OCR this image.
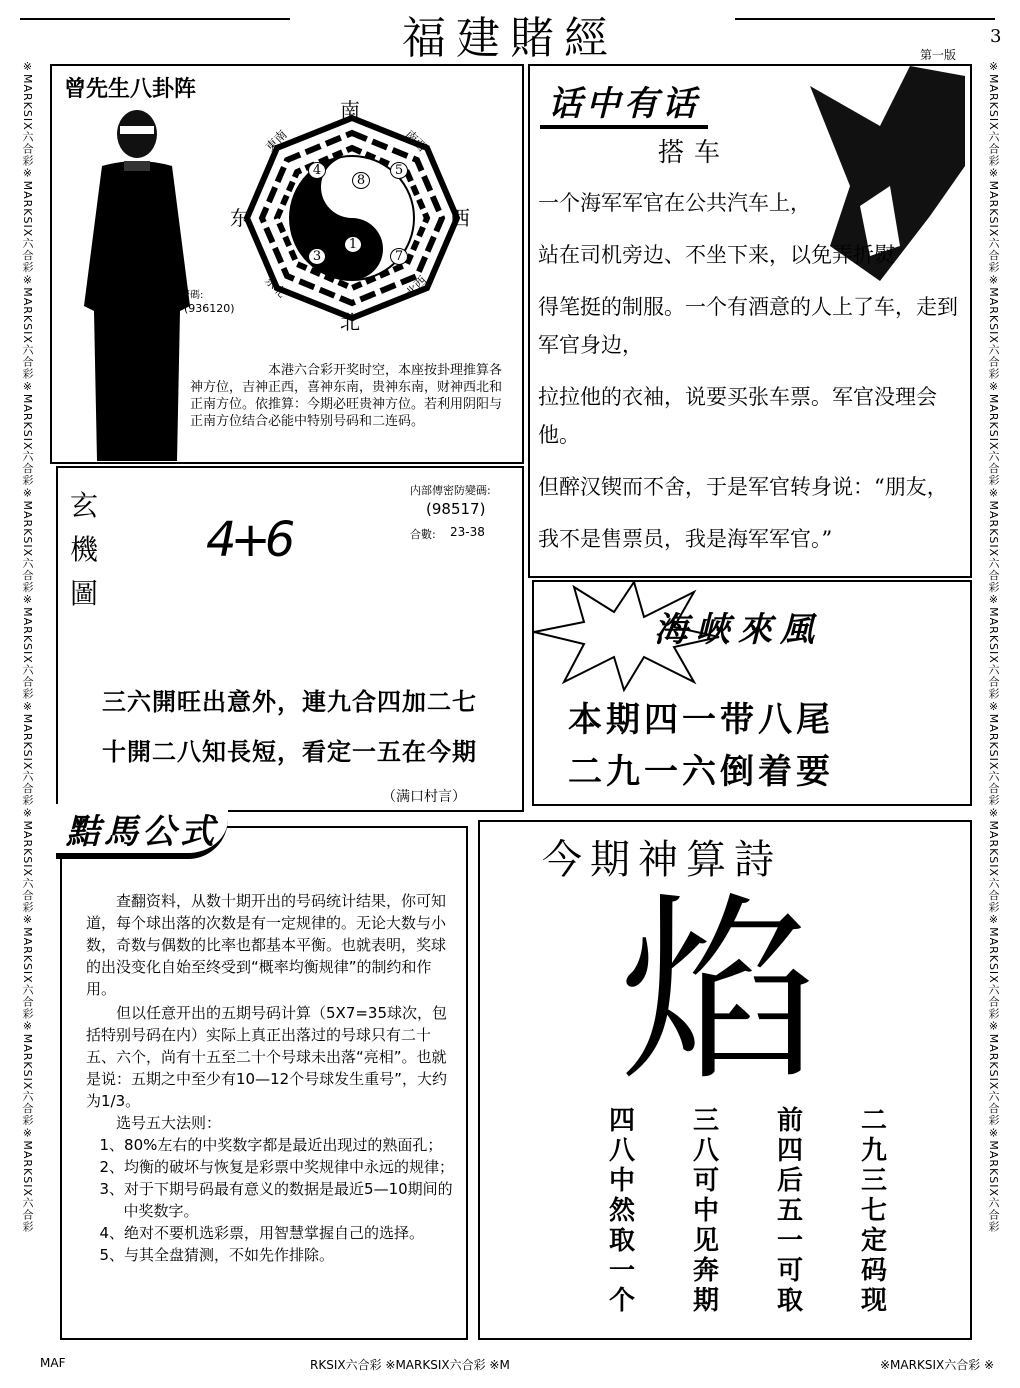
福建賭經	第一版
3
※MARKSIX六合彩※MARKSIX六合彩※MARKSIX六合彩※MARKSIX六合彩※MARKSIX六合彩※MARKSIX六合彩※MARKSIX六合彩※MARKSIX六合彩※MARKSIX六合彩※MARKSIX六合彩※MARKSIX六合彩	※MARKSIX六合彩※MARKSIX六合彩※MARKSIX六合彩※MARKSIX六合彩※MARKSIX六合彩※MARKSIX六合彩※MARKSIX六合彩※MARKSIX六合彩※MARKSIX六合彩※MARKSIX六合彩※MARKSIX六合彩
曾先生八卦阵
内部密碼:
(936120)
南
北
东	西
東南	南西
东北	北西
4
8
5
3
1
7
本港六合彩开奖时空，本座按卦理推算各神方位，吉神正西，喜神东南，贵神东南，财神西北和正南方位。依推算：今期必旺贵神方位。若利用阴阳与正南方位结合必能中特别号码和二连码。
玄
機
圖
4+6
内部傳密防變碼:
(98517)
合數: 23-38
三六開旺出意外，連九合四加二七
十開二八知長短，看定一五在今期
（满口村言）
话中有话
搭车

一个海军军官在公共汽车上，

站在司机旁边、不坐下来，以免弄折熨

得笔挺的制服。一个有酒意的人上了车，走到军官身边，

拉拉他的衣袖，说要买张车票。军官没理会他。

但醉汉锲而不舍，于是军官转身说：“朋友，

我不是售票员，我是海军军官。”

海峽來風
本期四一带八尾
二九一六倒着要
黠馬公式

查翻资料，从数十期开出的号码统计结果，你可知道，每个球出落的次数是有一定规律的。无论大数与小数，奇数与偶数的比率也都基本平衡。也就表明，奖球的出没变化自始至终受到“概率均衡规律”的制约和作用。

但以任意开出的五期号码计算（5X7=35球次，包括特别号码在内）实际上真正出落过的号球只有二十五、六个，尚有十五至二十个号球未出落“亮相”。也就是说：五期之中至少有10—12个号球发生重号”，大约为1/3。

选号五大法则：

1、80%左右的中奖数字都是最近出现过的熟面孔；

2、均衡的破坏与恢复是彩票中奖规律中永远的规律；

3、对于下期号码最有意义的数据是最近5—10期间的中奖数字。

4、绝对不要机选彩票，用智慧掌握自己的选择。

5、与其全盘猜测，不如先作排除。

今期神算詩
焰
四
八
中
然
取
一
个
三
八
可
中
见
奔
期
前
四
后
五
一
可
取
二
九
三
七
定
码
现
MAF	RKSIX六合彩 ※MARKSIX六合彩 ※M	※MARKSIX六合彩 ※
